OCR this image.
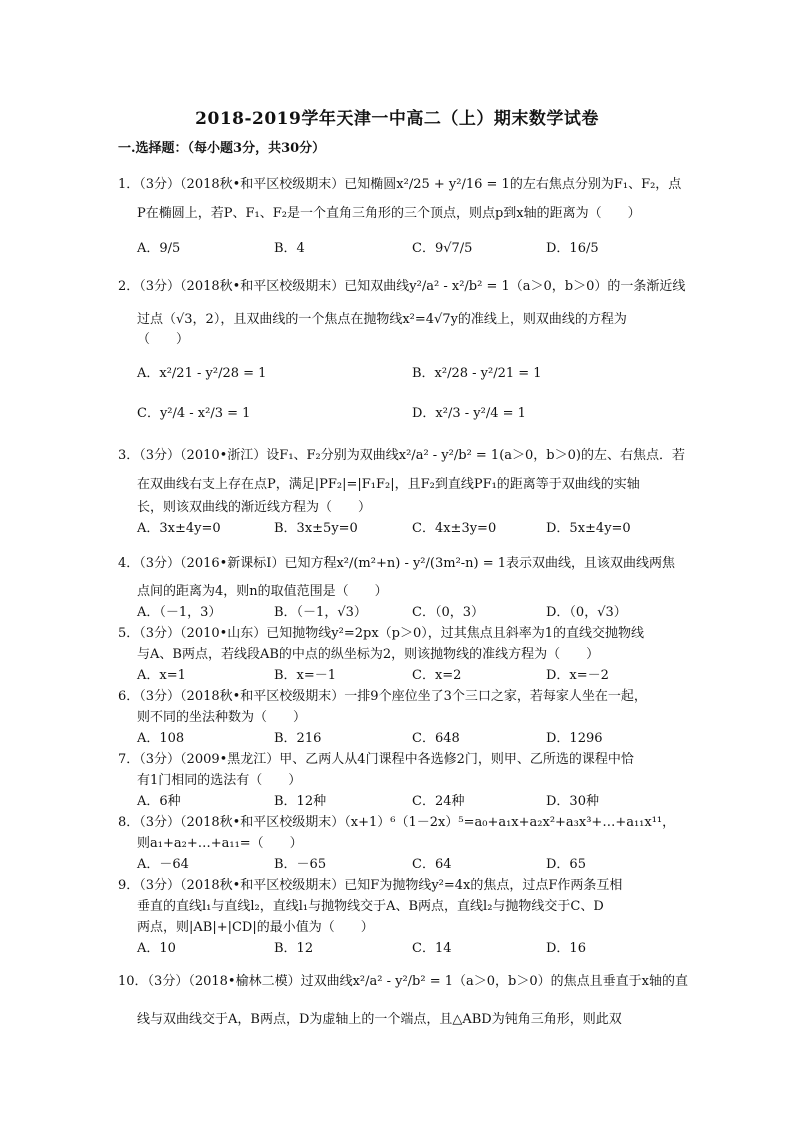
2018-2019学年天津一中高二（上）期末数学试卷
一.选择题：（每小题3分，共30分）
1．（3分）（2018秋•和平区校级期末）已知椭圆x²/25 + y²/16 = 1的左右焦点分别为F₁、F₂，点
P在椭圆上，若P、F₁、F₂是一个直角三角形的三个顶点，则点p到x轴的距离为（　　）
A．9/5	B．4	C．9√7/5	D．16/5
2．（3分）（2018秋•和平区校级期末）已知双曲线y²/a² - x²/b² = 1（a＞0，b＞0）的一条渐近线
过点（√3，2），且双曲线的一个焦点在抛物线x²=4√7y的准线上，则双曲线的方程为
（　　）
A．x²/21 - y²/28 = 1	B．x²/28 - y²/21 = 1
C．y²/4 - x²/3 = 1	D．x²/3 - y²/4 = 1
3．（3分）（2010•浙江）设F₁、F₂分别为双曲线x²/a² - y²/b² = 1(a＞0，b＞0)的左、右焦点．若
在双曲线右支上存在点P，满足|PF₂|=|F₁F₂|，且F₂到直线PF₁的距离等于双曲线的实轴
长，则该双曲线的渐近线方程为（　　）
A．3x±4y=0	B．3x±5y=0	C．4x±3y=0	D．5x±4y=0
4．（3分）（2016•新课标Ⅰ）已知方程x²/(m²+n) - y²/(3m²-n) = 1表示双曲线，且该双曲线两焦
点间的距离为4，则n的取值范围是（　　）
A．（－1，3）	B．（－1，√3）	C．（0，3）	D．（0，√3）
5．（3分）（2010•山东）已知抛物线y²=2px（p＞0），过其焦点且斜率为1的直线交抛物线
与A、B两点，若线段AB的中点的纵坐标为2，则该抛物线的准线方程为（　　）
A．x=1	B．x=－1	C．x=2	D．x=－2
6．（3分）（2018秋•和平区校级期末）一排9个座位坐了3个三口之家，若每家人坐在一起，
则不同的坐法种数为（　　）
A．108	B．216	C．648	D．1296
7．（3分）（2009•黑龙江）甲、乙两人从4门课程中各选修2门，则甲、乙所选的课程中恰
有1门相同的选法有（　　）
A．6种	B．12种	C．24种	D．30种
8．（3分）（2018秋•和平区校级期末）（x+1）⁶（1－2x）⁵=a₀+a₁x+a₂x²+a₃x³+…+a₁₁x¹¹，
则a₁+a₂+…+a₁₁=（　　）
A．－64	B．－65	C．64	D．65
9．（3分）（2018秋•和平区校级期末）已知F为抛物线y²=4x的焦点，过点F作两条互相
垂直的直线l₁与直线l₂，直线l₁与抛物线交于A、B两点，直线l₂与抛物线交于C、D
两点，则|AB|+|CD|的最小值为（　　）
A．10	B．12	C．14	D．16
10．（3分）（2018•榆林二模）过双曲线x²/a² - y²/b² = 1（a＞0，b＞0）的焦点且垂直于x轴的直
线与双曲线交于A，B两点，D为虚轴上的一个端点，且△ABD为钝角三角形，则此双
